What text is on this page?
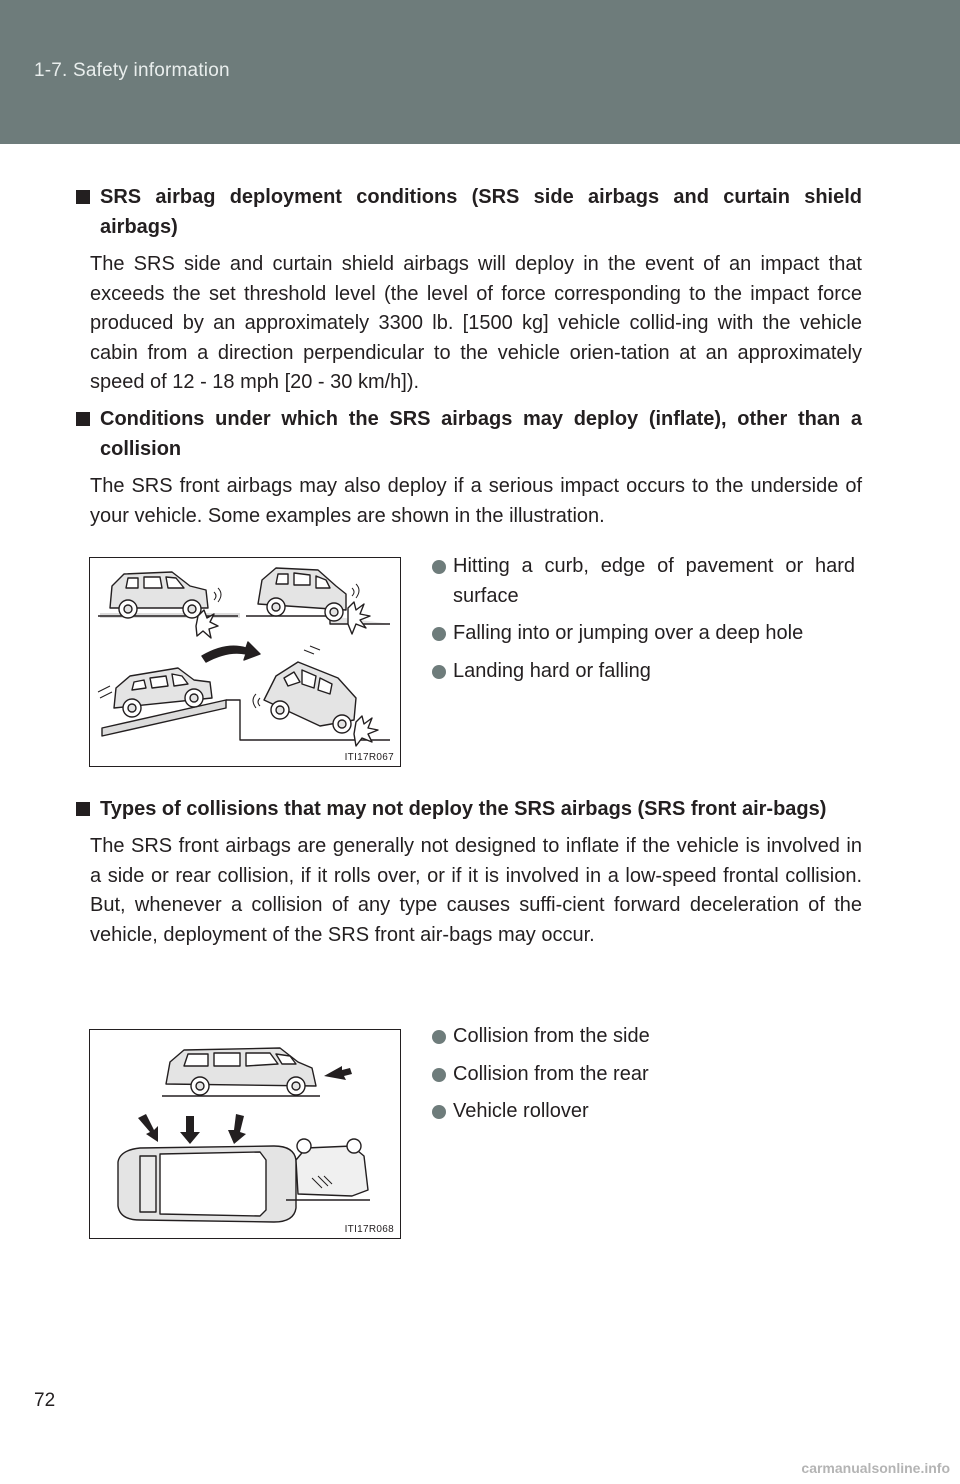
1-7. Safety information
SRS airbag deployment conditions (SRS side airbags and curtain shield airbags)
The SRS side and curtain shield airbags will deploy in the event of an impact that exceeds the set threshold level (the level of force corresponding to the impact force produced by an approximately 3300 lb. [1500 kg] vehicle collid-ing with the vehicle cabin from a direction perpendicular to the vehicle orien-tation at an approximately speed of 12 - 18 mph [20 - 30 km/h]).
Conditions under which the SRS airbags may deploy (inflate), other than a collision
The SRS front airbags may also deploy if a serious impact occurs to the underside of your vehicle. Some examples are shown in the illustration.
ITI17R067
Hitting a curb, edge of pavement or hard surface
Falling into or jumping over a deep hole
Landing hard or falling
Types of collisions that may not deploy the SRS airbags (SRS front air-bags)
The SRS front airbags are generally not designed to inflate if the vehicle is involved in a side or rear collision, if it rolls over, or if it is involved in a low-speed frontal collision. But, whenever a collision of any type causes suffi-cient forward deceleration of the vehicle, deployment of the SRS front air-bags may occur.
ITI17R068
Collision from the side
Collision from the rear
Vehicle rollover
72
carmanualsonline.info
